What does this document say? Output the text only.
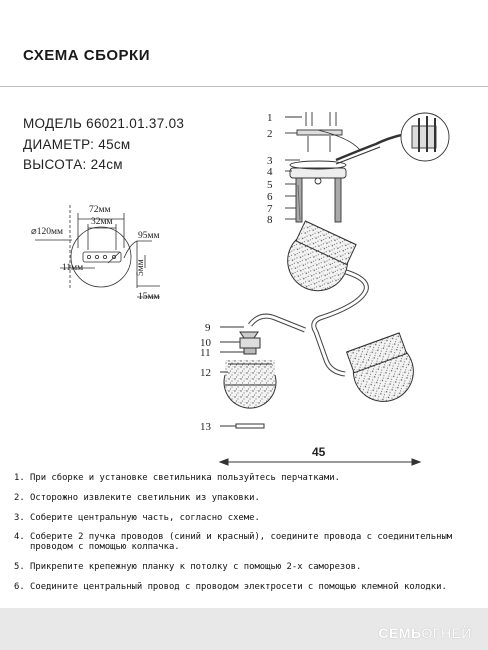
СХЕМА СБОРКИ
МОДЕЛЬ 66021.01.37.03
ДИАМЕТР: 45см
ВЫСОТА: 24см
⌀120мм
72мм
32мм
95мм
11мм	5мм
15мм
1
2
3
4
5
6
7
8
9
10
11
12
13
45
1. При сборке и установке светильника пользуйтесь перчатками.
2. Осторожно извлеките светильник из упаковки.
3. Соберите центральную часть, согласно схеме.
4. Соберите 2 пучка проводов (синий и красный), соедините провода с соединительным
проводом с помощью колпачка.
5. Прикрепите крепежную планку к потолку с помощью 2-х саморезов.
6. Соедините центральный провод с проводом электросети с помощью клемной колодки.
СЕМЬОГНЕЙ
